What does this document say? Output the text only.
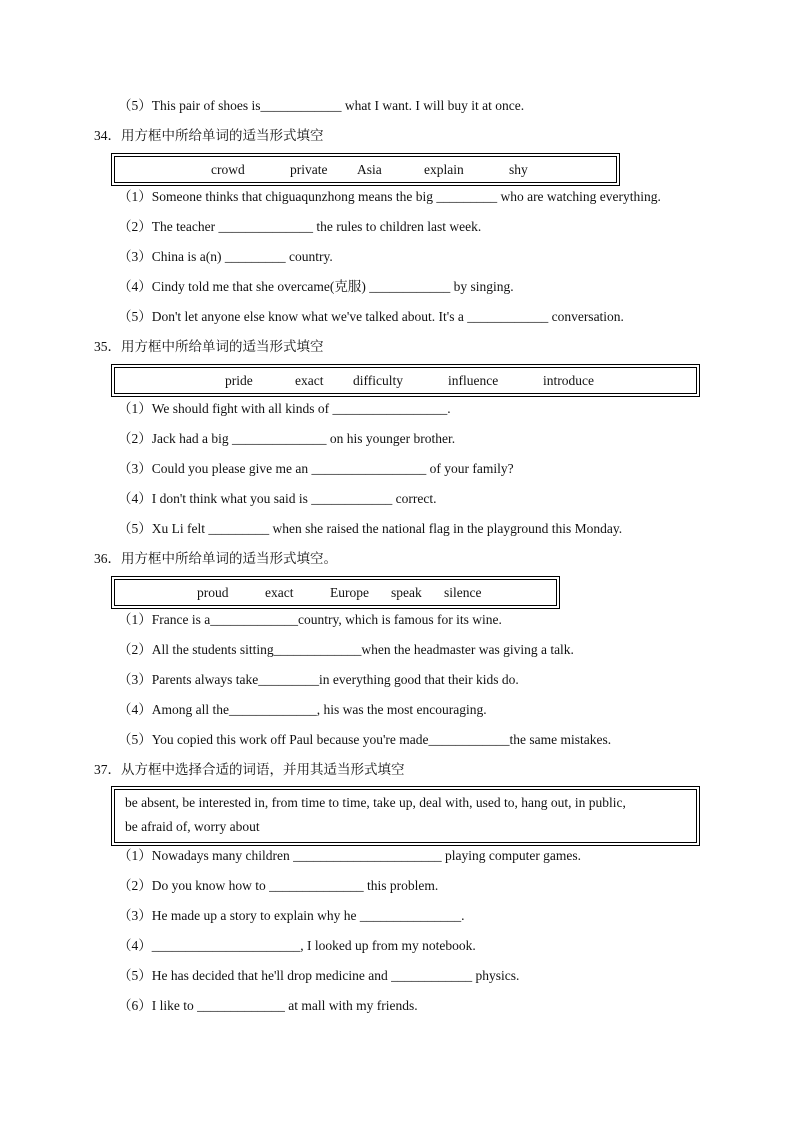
（5）This pair of shoes is____________ what I want. I will buy it at once.
34．用方框中所给单词的适当形式填空
crowd	private	Asia	explain	shy
（1）Someone thinks that chiguaqunzhong means the big _________ who are watching everything.
（2）The teacher ______________ the rules to children last week.
（3）China is a(n) _________ country.
（4）Cindy told me that she overcame(克服) ____________ by singing.
（5）Don't let anyone else know what we've talked about. It's a ____________ conversation.
35．用方框中所给单词的适当形式填空
pride	exact	difficulty	influence	introduce
（1）We should fight with all kinds of _________________.
（2）Jack had a big ______________ on his younger brother.
（3）Could you please give me an _________________ of your family?
（4）I don't think what you said is ____________ correct.
（5）Xu Li felt _________ when she raised the national flag in the playground this Monday.
36．用方框中所给单词的适当形式填空。
proud	exact	Europe	speak	silence
（1）France is a_____________country, which is famous for its wine.
（2）All the students sitting_____________when the headmaster was giving a talk.
（3）Parents always take_________in everything good that their kids do.
（4）Among all the_____________, his was the most encouraging.
（5）You copied this work off Paul because you're made____________the same mistakes.
37．从方框中选择合适的词语，并用其适当形式填空
be absent, be interested in, from time to time, take up, deal with, used to, hang out, in public,
be afraid of, worry about
（1）Nowadays many children ______________________ playing computer games.
（2）Do you know how to ______________ this problem.
（3）He made up a story to explain why he _______________.
（4）______________________, I looked up from my notebook.
（5）He has decided that he'll drop medicine and ____________ physics.
（6）I like to _____________ at mall with my friends.
